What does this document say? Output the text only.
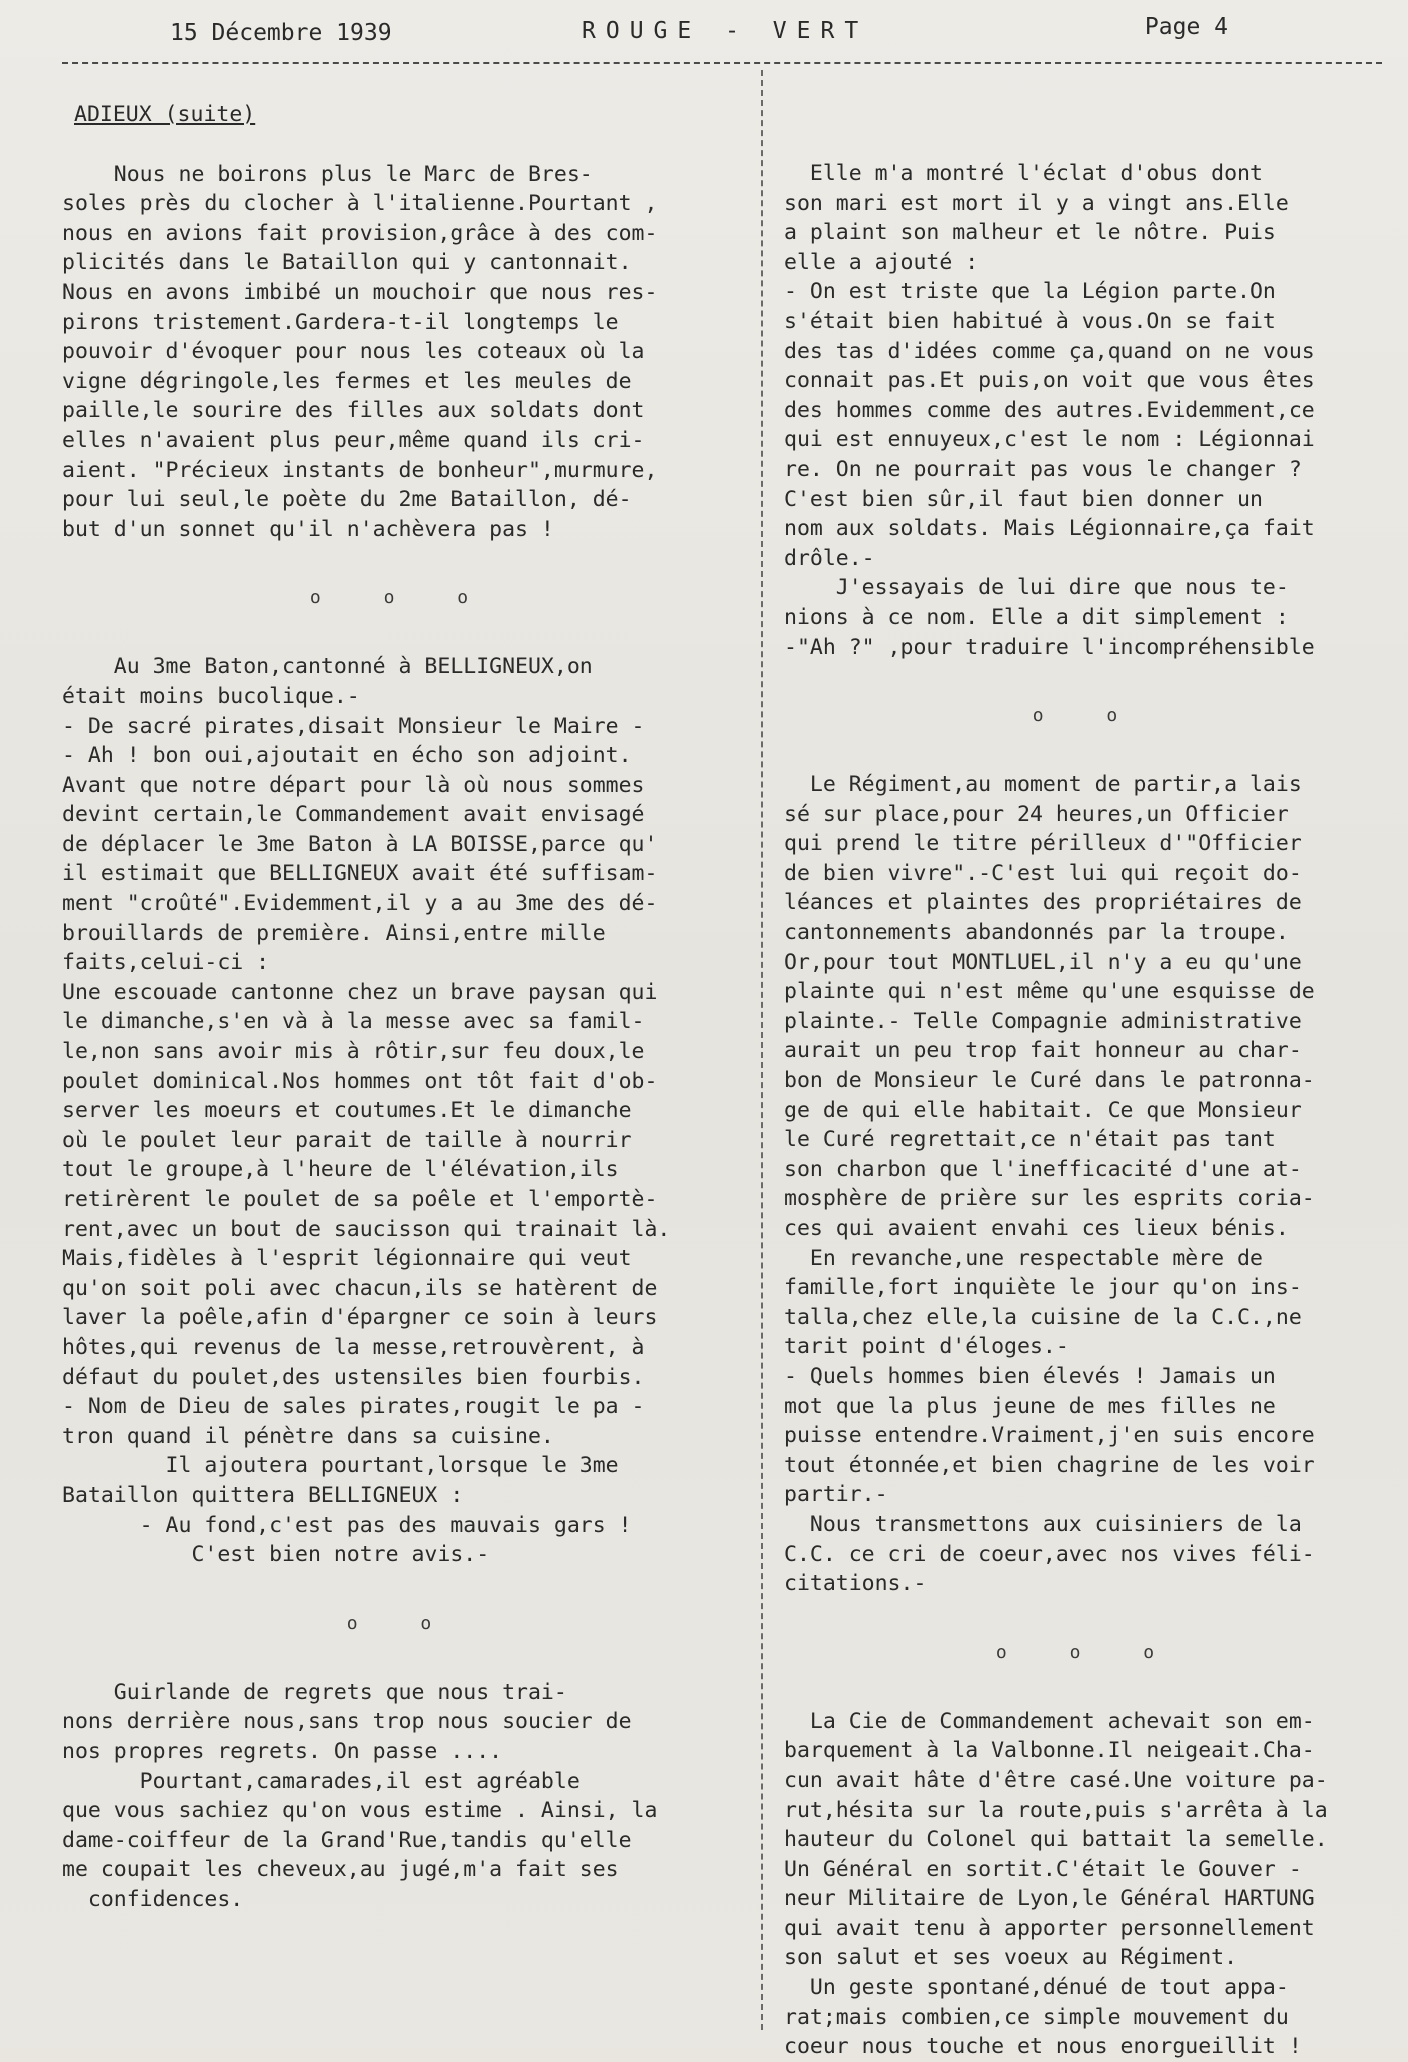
15 Décembre 1939	ROUGE - VERT	Page 4
ADIEUX (suite)

Nous ne boirons plus le Marc de Bres-

soles près du clocher à l'italienne.Pourtant ,

nous en avions fait provision,grâce à des com-

plicités dans le Bataillon qui y cantonnait.

Nous en avons imbibé un mouchoir que nous res-

pirons tristement.Gardera-t-il longtemps le

pouvoir d'évoquer pour nous les coteaux où la

vigne dégringole,les fermes et les meules de

paille,le sourire des filles aux soldats dont

elles n'avaient plus peur,même quand ils cri-

aient. "Précieux instants de bonheur",murmure,

pour lui seul,le poète du 2me Bataillon, dé-

but d'un sonnet qu'il n'achèvera pas !

o o o

Au 3me Baton,cantonné à BELLIGNEUX,on

était moins bucolique.-

- De sacré pirates,disait Monsieur le Maire -

- Ah ! bon oui,ajoutait en écho son adjoint.

Avant que notre départ pour là où nous sommes

devint certain,le Commandement avait envisagé

de déplacer le 3me Baton à LA BOISSE,parce qu'

il estimait que BELLIGNEUX avait été suffisam-

ment "croûté".Evidemment,il y a au 3me des dé-

brouillards de première. Ainsi,entre mille

faits,celui-ci :

Une escouade cantonne chez un brave paysan qui

le dimanche,s'en và à la messe avec sa famil-

le,non sans avoir mis à rôtir,sur feu doux,le

poulet dominical.Nos hommes ont tôt fait d'ob-

server les moeurs et coutumes.Et le dimanche

où le poulet leur parait de taille à nourrir

tout le groupe,à l'heure de l'élévation,ils

retirèrent le poulet de sa poêle et l'emportè-

rent,avec un bout de saucisson qui trainait là.

Mais,fidèles à l'esprit légionnaire qui veut

qu'on soit poli avec chacun,ils se hatèrent de

laver la poêle,afin d'épargner ce soin à leurs

hôtes,qui revenus de la messe,retrouvèrent, à

défaut du poulet,des ustensiles bien fourbis.

- Nom de Dieu de sales pirates,rougit le pa -

tron quand il pénètre dans sa cuisine.

Il ajoutera pourtant,lorsque le 3me

Bataillon quittera BELLIGNEUX :

- Au fond,c'est pas des mauvais gars !

C'est bien notre avis.-

o o

Guirlande de regrets que nous trai-

nons derrière nous,sans trop nous soucier de

nos propres regrets. On passe ....

Pourtant,camarades,il est agréable

que vous sachiez qu'on vous estime . Ainsi, la

dame-coiffeur de la Grand'Rue,tandis qu'elle

me coupait les cheveux,au jugé,m'a fait ses

confidences.

Elle m'a montré l'éclat d'obus dont

son mari est mort il y a vingt ans.Elle

a plaint son malheur et le nôtre. Puis

elle a ajouté :

- On est triste que la Légion parte.On

s'était bien habitué à vous.On se fait

des tas d'idées comme ça,quand on ne vous

connait pas.Et puis,on voit que vous êtes

des hommes comme des autres.Evidemment,ce

qui est ennuyeux,c'est le nom : Légionnai

re. On ne pourrait pas vous le changer ?

C'est bien sûr,il faut bien donner un

nom aux soldats. Mais Légionnaire,ça fait

drôle.-

J'essayais de lui dire que nous te-

nions à ce nom. Elle a dit simplement :

-"Ah ?" ,pour traduire l'incompréhensible

o o

Le Régiment,au moment de partir,a lais

sé sur place,pour 24 heures,un Officier

qui prend le titre périlleux d'"Officier

de bien vivre".-C'est lui qui reçoit do-

léances et plaintes des propriétaires de

cantonnements abandonnés par la troupe.

Or,pour tout MONTLUEL,il n'y a eu qu'une

plainte qui n'est même qu'une esquisse de

plainte.- Telle Compagnie administrative

aurait un peu trop fait honneur au char-

bon de Monsieur le Curé dans le patronna-

ge de qui elle habitait. Ce que Monsieur

le Curé regrettait,ce n'était pas tant

son charbon que l'inefficacité d'une at-

mosphère de prière sur les esprits coria-

ces qui avaient envahi ces lieux bénis.

En revanche,une respectable mère de

famille,fort inquiète le jour qu'on ins-

talla,chez elle,la cuisine de la C.C.,ne

tarit point d'éloges.-

- Quels hommes bien élevés ! Jamais un

mot que la plus jeune de mes filles ne

puisse entendre.Vraiment,j'en suis encore

tout étonnée,et bien chagrine de les voir

partir.-

Nous transmettons aux cuisiniers de la

C.C. ce cri de coeur,avec nos vives féli-

citations.-

o o o

La Cie de Commandement achevait son em-

barquement à la Valbonne.Il neigeait.Cha-

cun avait hâte d'être casé.Une voiture pa-

rut,hésita sur la route,puis s'arrêta à la

hauteur du Colonel qui battait la semelle.

Un Général en sortit.C'était le Gouver -

neur Militaire de Lyon,le Général HARTUNG

qui avait tenu à apporter personnellement

son salut et ses voeux au Régiment.

Un geste spontané,dénué de tout appa-

rat;mais combien,ce simple mouvement du

coeur nous touche et nous enorgueillit !
